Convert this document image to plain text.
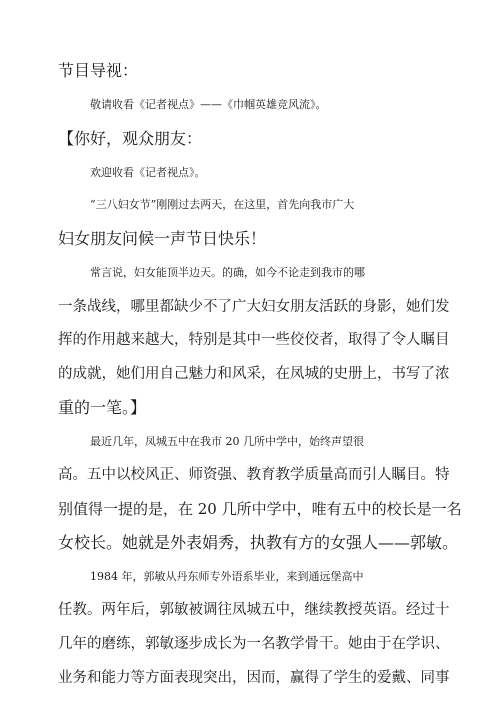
节目导视：
敬请收看《记者视点》——《巾帼英雄竞风流》。
【你好，观众朋友：
欢迎收看《记者视点》。
“三八妇女节”刚刚过去两天，在这里，首先向我市广大
妇女朋友问候一声节日快乐！
常言说，妇女能顶半边天。的确，如今不论走到我市的哪
一条战线，哪里都缺少不了广大妇女朋友活跃的身影，她们发
挥的作用越来越大，特别是其中一些佼佼者，取得了令人瞩目
的成就，她们用自己魅力和风采，在凤城的史册上，书写了浓
重的一笔。】
最近几年，凤城五中在我市 20 几所中学中，始终声望很
高。五中以校风正、师资强、教育教学质量高而引人瞩目。特
别值得一提的是，在 20 几所中学中，唯有五中的校长是一名
女校长。她就是外表娟秀，执教有方的女强人——郭敏。
1984 年，郭敏从丹东师专外语系毕业，来到通远堡高中
任教。两年后，郭敏被调往凤城五中，继续教授英语。经过十
几年的磨练，郭敏逐步成长为一名教学骨干。她由于在学识、
业务和能力等方面表现突出，因而，赢得了学生的爱戴、同事
